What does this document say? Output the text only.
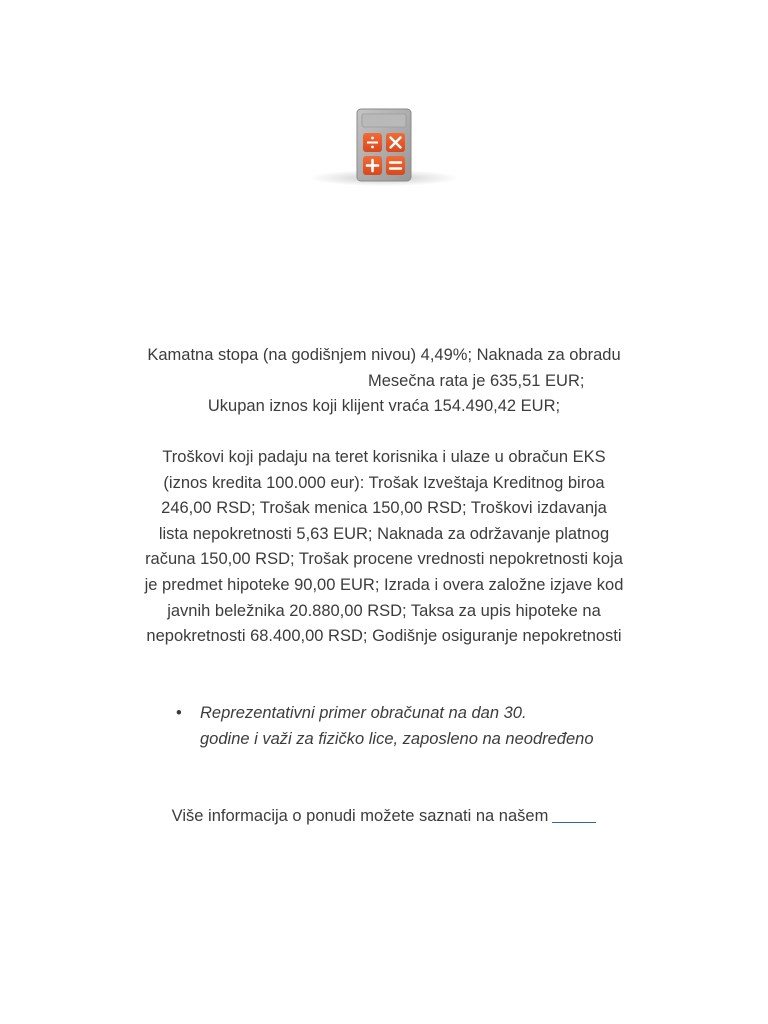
Kamatna stopa (na godišnjem nivou) 4,49%; Naknada za obradu
Mesečna rata je 635,51 EUR;
Ukupan iznos koji klijent vraća 154.490,42 EUR;
Troškovi koji padaju na teret korisnika i ulaze u obračun EKS
(iznos kredita 100.000 eur): Trošak Izveštaja Kreditnog biroa
246,00 RSD; Trošak menica 150,00 RSD; Troškovi izdavanja
lista nepokretnosti 5,63 EUR; Naknada za održavanje platnog
računa 150,00 RSD; Trošak procene vrednosti nepokretnosti koja
je predmet hipoteke 90,00 EUR; Izrada i overa založne izjave kod
javnih beležnika 20.880,00 RSD; Taksa za upis hipoteke na
nepokretnosti 68.400,00 RSD; Godišnje osiguranje nepokretnosti
• Reprezentativni primer obračunat na dan 30.
godine i važi za fizičko lice, zaposleno na neodređeno
Više informacija o ponudi možete saznati na našem
